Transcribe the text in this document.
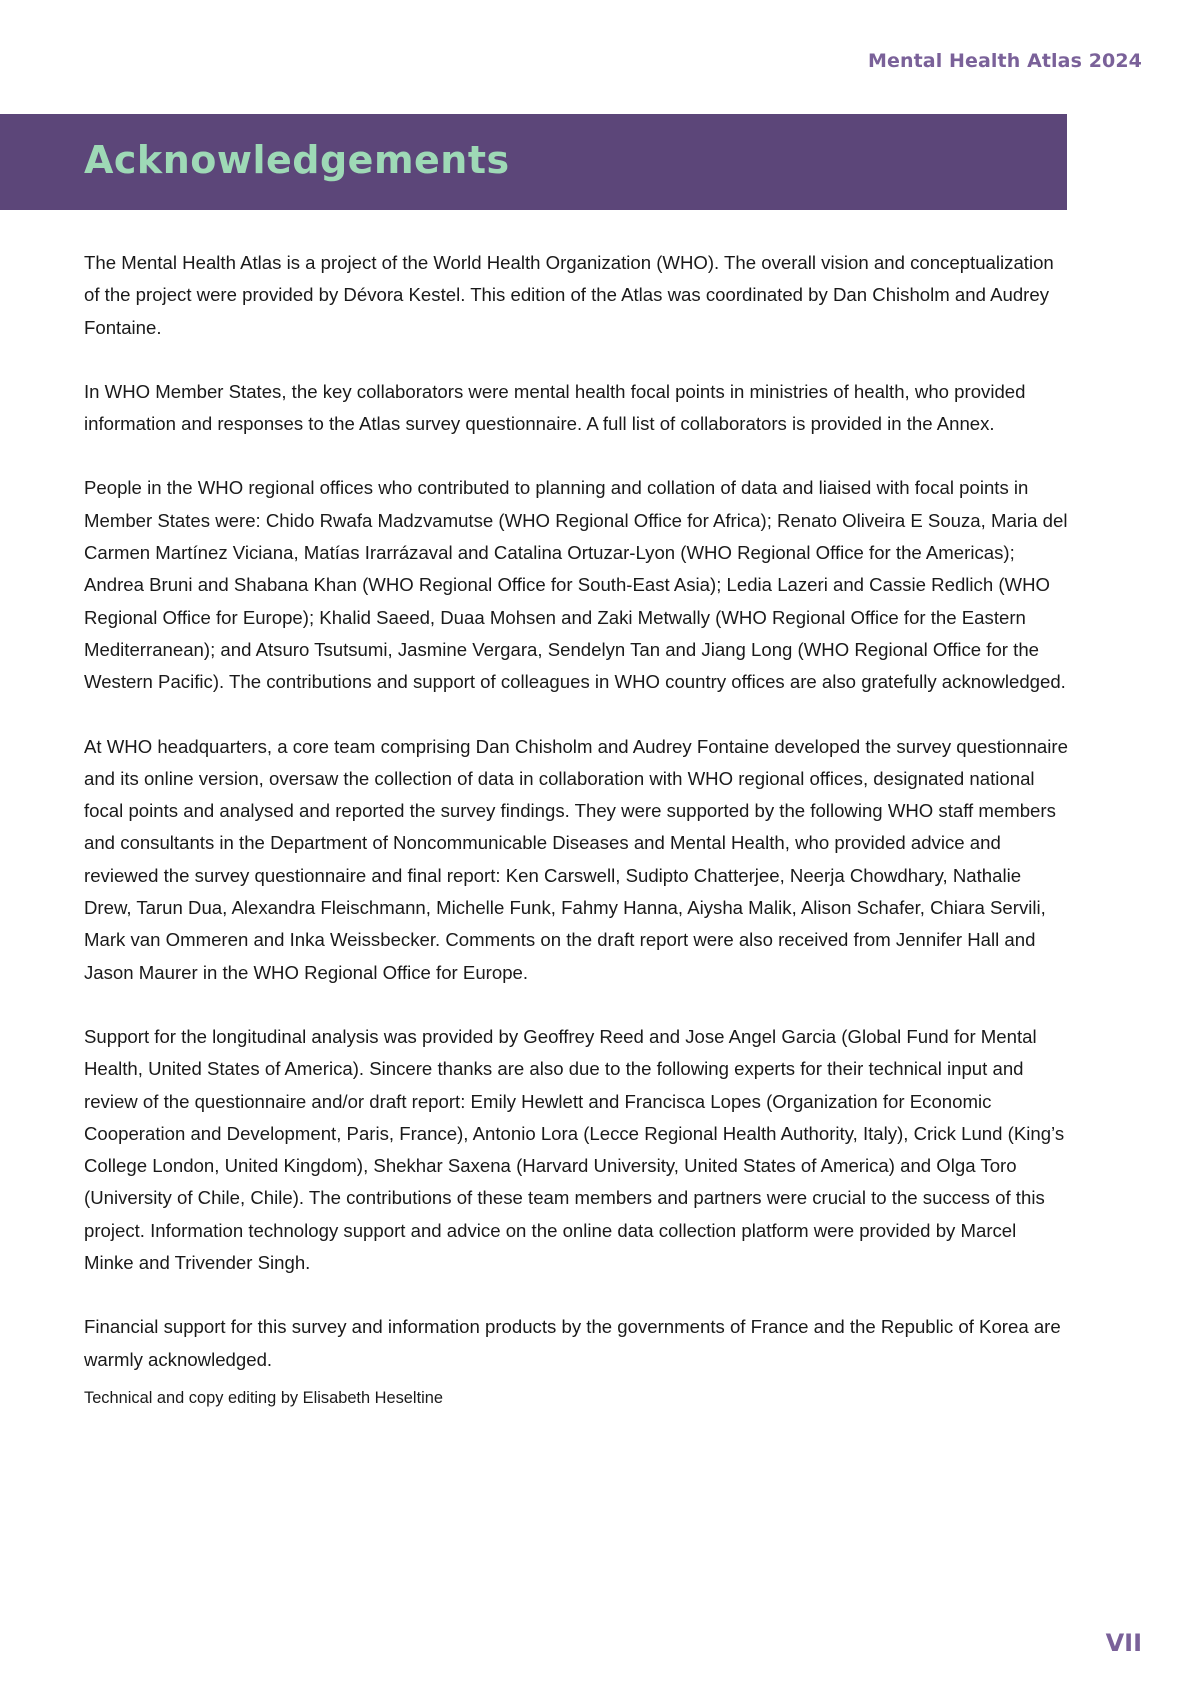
Mental Health Atlas 2024
Acknowledgements

The Mental Health Atlas is a project of the World Health Organization (WHO). The overall vision and conceptualization of the project were provided by Dévora Kestel. This edition of the Atlas was coordinated by Dan Chisholm and Audrey Fontaine.

In WHO Member States, the key collaborators were mental health focal points in ministries of health, who provided information and responses to the Atlas survey questionnaire. A full list of collaborators is provided in the Annex.

People in the WHO regional offices who contributed to planning and collation of data and liaised with focal points in Member States were: Chido Rwafa Madzvamutse (WHO Regional Office for Africa); Renato Oliveira E Souza, Maria del Carmen Martínez Viciana, Matías Irarrázaval and Catalina Ortuzar-Lyon (WHO Regional Office for the Americas); Andrea Bruni and Shabana Khan (WHO Regional Office for South-East Asia); Ledia Lazeri and Cassie Redlich (WHO Regional Office for Europe); Khalid Saeed, Duaa Mohsen and Zaki Metwally (WHO Regional Office for the Eastern Mediterranean); and Atsuro Tsutsumi, Jasmine Vergara, Sendelyn Tan and Jiang Long (WHO Regional Office for the Western Pacific). The contributions and support of colleagues in WHO country offices are also gratefully acknowledged.

At WHO headquarters, a core team comprising Dan Chisholm and Audrey Fontaine developed the survey questionnaire and its online version, oversaw the collection of data in collaboration with WHO regional offices, designated national focal points and analysed and reported the survey findings. They were supported by the following WHO staff members and consultants in the Department of Noncommunicable Diseases and Mental Health, who provided advice and reviewed the survey questionnaire and final report: Ken Carswell, Sudipto Chatterjee, Neerja Chowdhary, Nathalie Drew, Tarun Dua, Alexandra Fleischmann, Michelle Funk, Fahmy Hanna, Aiysha Malik, Alison Schafer, Chiara Servili, Mark van Ommeren and Inka Weissbecker. Comments on the draft report were also received from Jennifer Hall and Jason Maurer in the WHO Regional Office for Europe.

Support for the longitudinal analysis was provided by Geoffrey Reed and Jose Angel Garcia (Global Fund for Mental Health, United States of America). Sincere thanks are also due to the following experts for their technical input and review of the questionnaire and/or draft report: Emily Hewlett and Francisca Lopes (Organization for Economic Cooperation and Development, Paris, France), Antonio Lora (Lecce Regional Health Authority, Italy), Crick Lund (King’s College London, United Kingdom), Shekhar Saxena (Harvard University, United States of America) and Olga Toro (University of Chile, Chile). The contributions of these team members and partners were crucial to the success of this project. Information technology support and advice on the online data collection platform were provided by Marcel Minke and Trivender Singh.

Financial support for this survey and information products by the governments of France and the Republic of Korea are warmly acknowledged.

Technical and copy editing by Elisabeth Heseltine

VII
